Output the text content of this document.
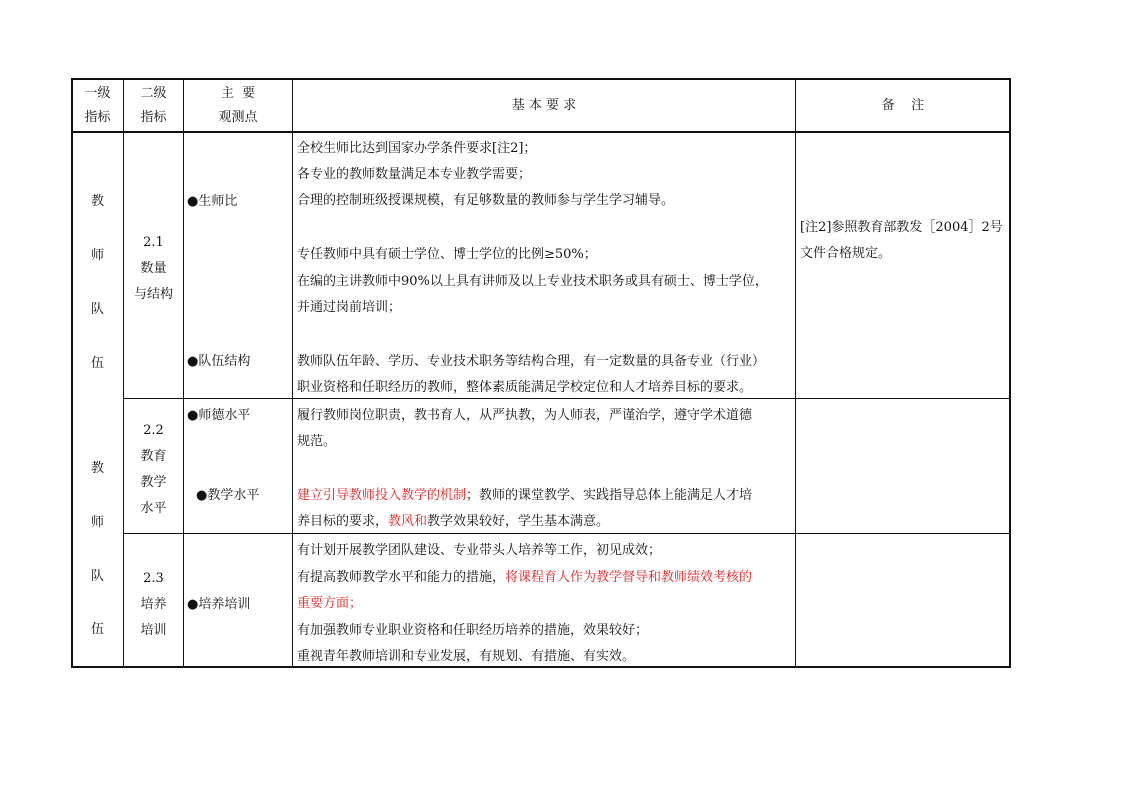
一级
指标
二级
指标
主  要
观测点
基 本 要 求	备    注
教
师
队
伍
教
师
队
伍
2.1
数量
与结构
2.2
教育
教学
水平
2.3
培养
培训
●生师比
●队伍结构
●师德水平
●教学水平
●培养培训
全校生师比达到国家办学条件要求[注2]；
各专业的教师数量满足本专业教学需要；
合理的控制班级授课规模，有足够数量的教师参与学生学习辅导。
专任教师中具有硕士学位、博士学位的比例≥50%；
在编的主讲教师中90%以上具有讲师及以上专业技术职务或具有硕士、博士学位，
并通过岗前培训；
教师队伍年龄、学历、专业技术职务等结构合理，有一定数量的具备专业（行业）
职业资格和任职经历的教师，整体素质能满足学校定位和人才培养目标的要求。
履行教师岗位职责，教书育人，从严执教，为人师表，严谨治学，遵守学术道德
规范。
建立引导教师投入教学的机制；教师的课堂教学、实践指导总体上能满足人才培
养目标的要求，教风和教学效果较好，学生基本满意。
有计划开展教学团队建设、专业带头人培养等工作，初见成效；
有提高教师教学水平和能力的措施，将课程育人作为教学督导和教师绩效考核的
重要方面；
有加强教师专业职业资格和任职经历培养的措施，效果较好；
重视青年教师培训和专业发展，有规划、有措施、有实效。
[注2]参照教育部教发［2004］2号
文件合格规定。
